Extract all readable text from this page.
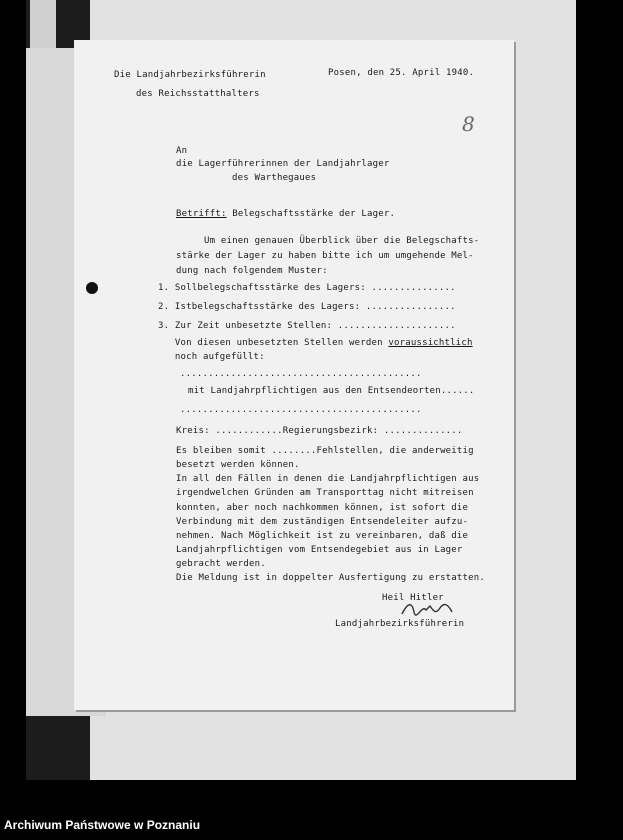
Die Landjahrbezirksführerin
des Reichsstatthalters
Posen, den 25. April 1940.
8
An
die Lagerführerinnen der Landjahrlager
des Warthegaues
Betrifft: Belegschaftsstärke der Lager.
Um einen genauen Überblick über die Belegschafts-
stärke der Lager zu haben bitte ich um umgehende Mel-
dung nach folgendem Muster:
1. Sollbelegschaftsstärke des Lagers: ...............
2. Istbelegschaftsstärke des Lagers: ................
3. Zur Zeit unbesetzte Stellen: .....................
Von diesen unbesetzten Stellen werden voraussichtlich
noch aufgefüllt:
...........................................
mit Landjahrpflichtigen aus den Entsendeorten......
...........................................
Kreis: ............Regierungsbezirk: ..............
Es bleiben somit ........Fehlstellen, die anderweitig
besetzt werden können.
In all den Fällen in denen die Landjahrpflichtigen aus
irgendwelchen Gründen am Transporttag nicht mitreisen
konnten, aber noch nachkommen können, ist sofort die
Verbindung mit dem zuständigen Entsendeleiter aufzu-
nehmen. Nach Möglichkeit ist zu vereinbaren, daß die
Landjahrpflichtigen vom Entsendegebiet aus in Lager
gebracht werden.
Die Meldung ist in doppelter Ausfertigung zu erstatten.
Heil Hitler
Landjahrbezirksführerin
Archiwum Państwowe w Poznaniu
